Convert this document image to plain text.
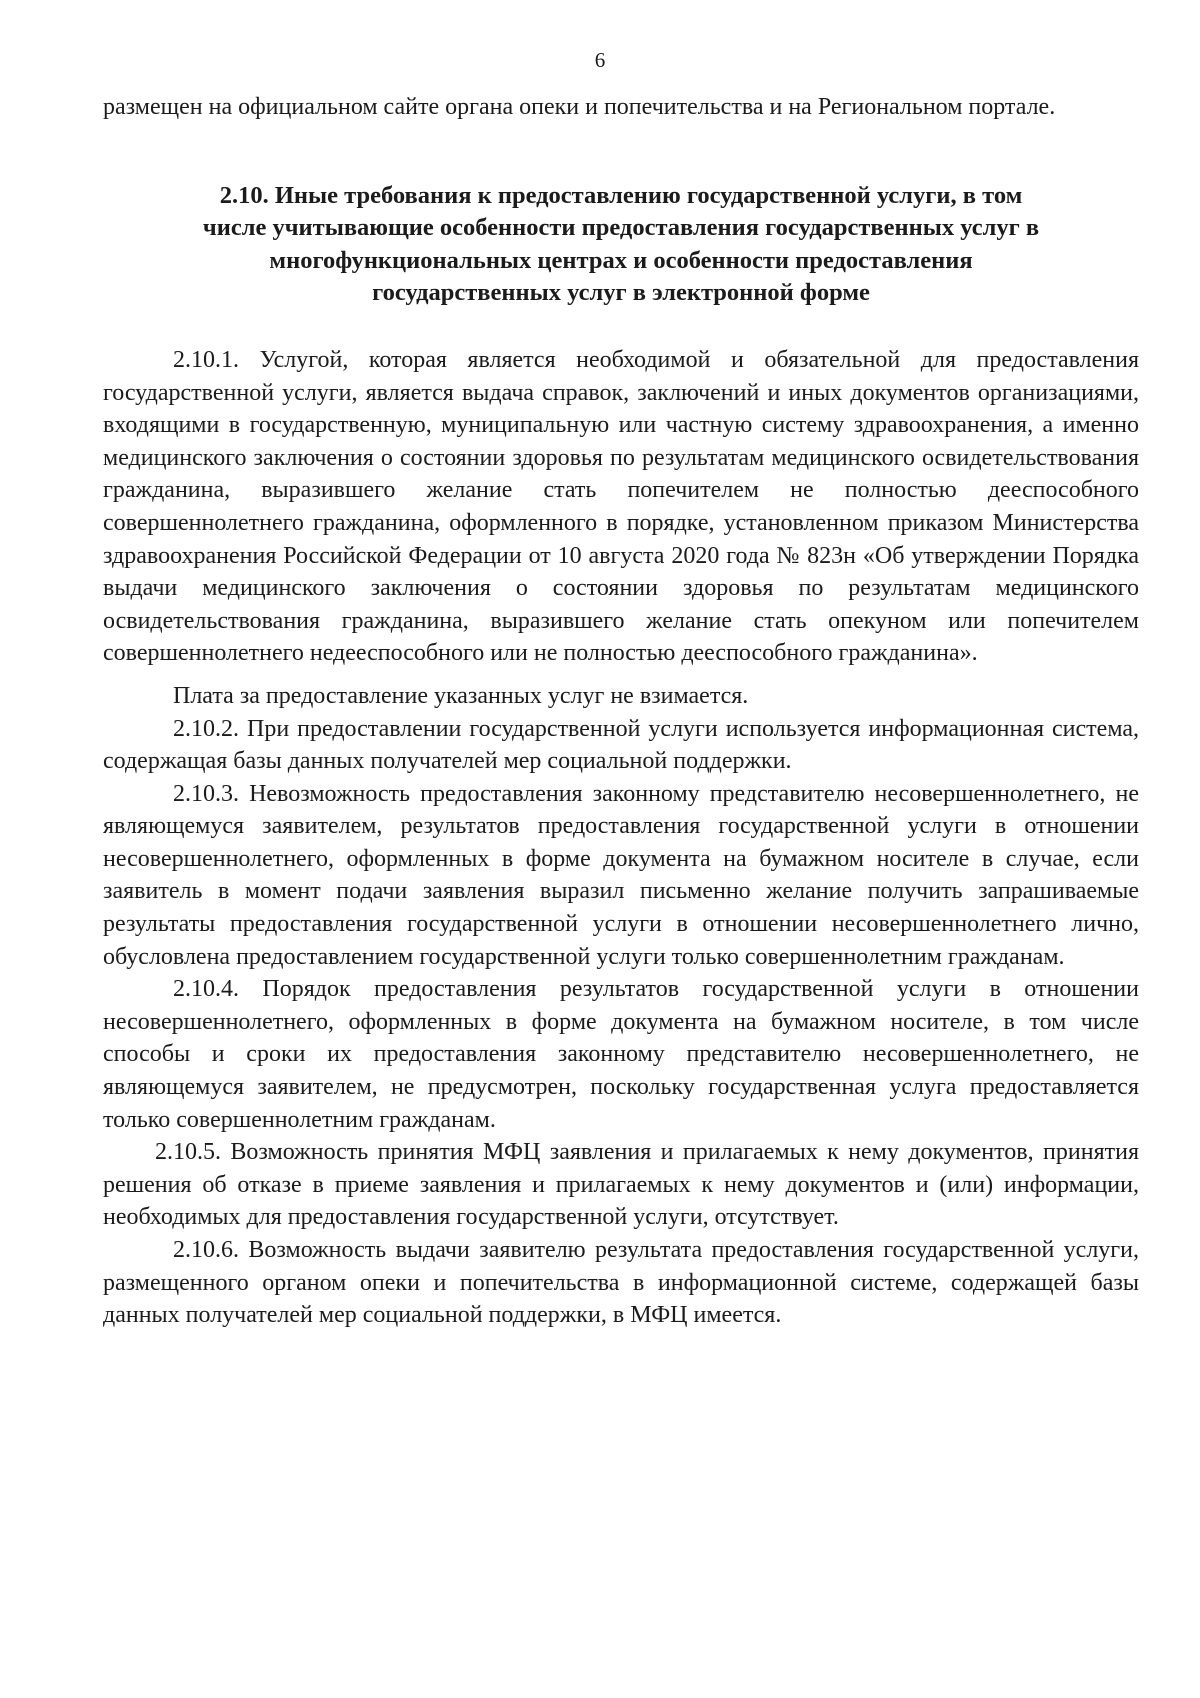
6

размещен на официальном сайте органа опеки и попечительства и на Региональном портале.

2.10. Иные требования к предоставлению государственной услуги, в том
числе учитывающие особенности предоставления государственных услуг в
многофункциональных центрах и особенности предоставления
государственных услуг в электронной форме

2.10.1. Услугой, которая является необходимой и обязательной для предоставления государственной услуги, является выдача справок, заключений и иных документов организациями, входящими в государственную, муниципальную или частную систему здравоохранения, а именно медицинского заключения о состоянии здоровья по результатам медицинского освидетельствования гражданина, выразившего желание стать попечителем не полностью дееспособного совершеннолетнего гражданина, оформленного в порядке, установленном приказом Министерства здравоохранения Российской Федерации от 10 августа 2020 года № 823н «Об утверждении Порядка выдачи медицинского заключения о состоянии здоровья по результатам медицинского освидетельствования гражданина, выразившего желание стать опекуном или попечителем совершеннолетнего недееспособного или не полностью дееспособного гражданина».

Плата за предоставление указанных услуг не взимается.

2.10.2. При предоставлении государственной услуги используется информационная система, содержащая базы данных получателей мер социальной поддержки.

2.10.3. Невозможность предоставления законному представителю несовершеннолетнего, не являющемуся заявителем, результатов предоставления государственной услуги в отношении несовершеннолетнего, оформленных в форме документа на бумажном носителе в случае, если заявитель в момент подачи заявления выразил письменно желание получить запрашиваемые результаты предоставления государственной услуги в отношении несовершеннолетнего лично, обусловлена предоставлением государственной услуги только совершеннолетним гражданам.

2.10.4. Порядок предоставления результатов государственной услуги в отношении несовершеннолетнего, оформленных в форме документа на бумажном носителе, в том числе способы и сроки их предоставления законному представителю несовершеннолетнего, не являющемуся заявителем, не предусмотрен, поскольку государственная услуга предоставляется только совершеннолетним гражданам.

2.10.5. Возможность принятия МФЦ заявления и прилагаемых к нему документов, принятия решения об отказе в приеме заявления и прилагаемых к нему документов и (или) информации, необходимых для предоставления государственной услуги, отсутствует.

2.10.6. Возможность выдачи заявителю результата предоставления государственной услуги, размещенного органом опеки и попечительства в информационной системе, содержащей базы данных получателей мер социальной поддержки, в МФЦ имеется.
